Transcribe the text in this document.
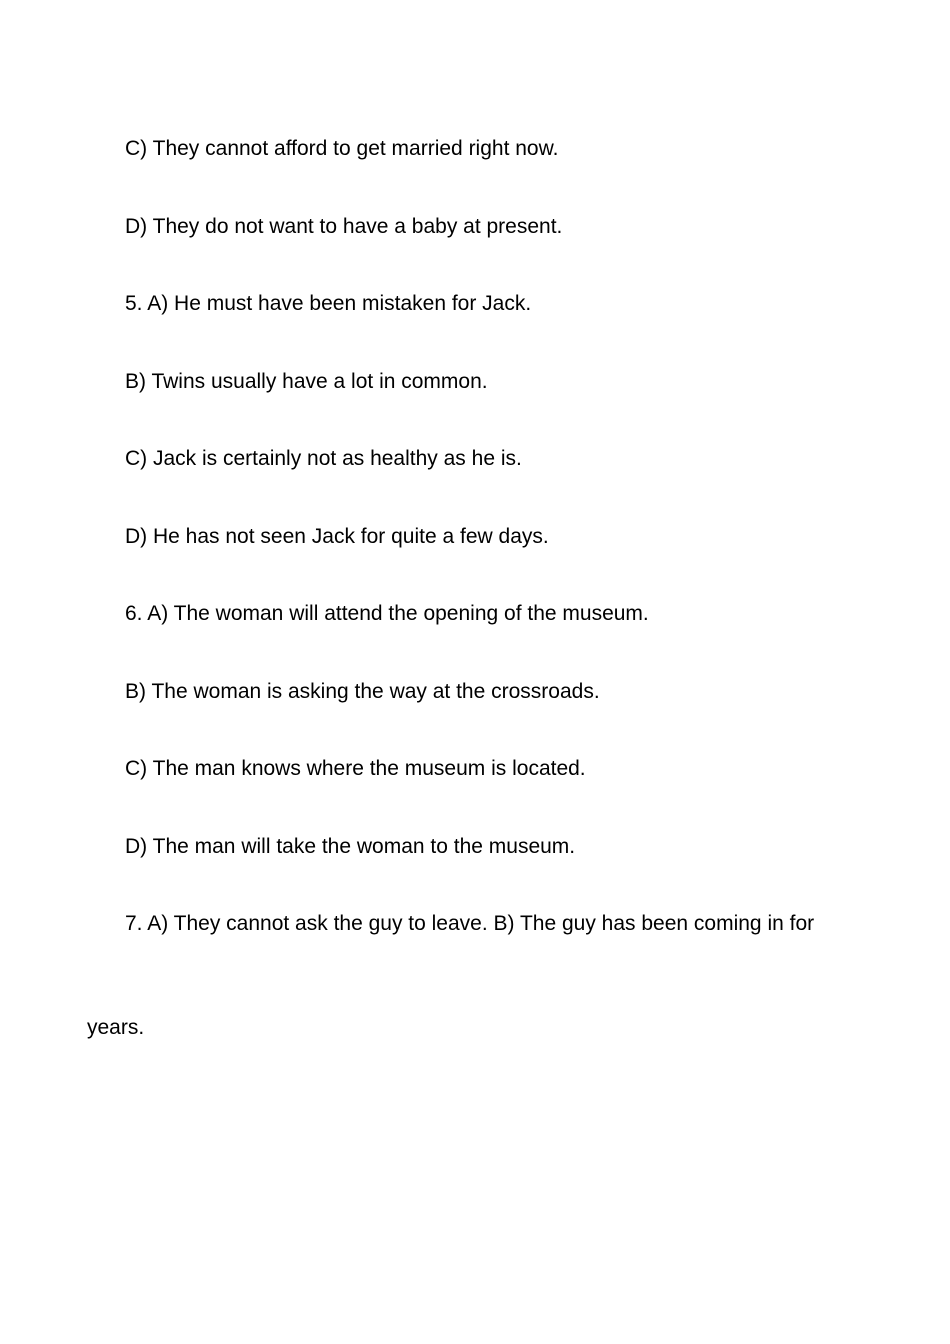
C) They cannot afford to get married right now.
D) They do not want to have a baby at present.
5. A) He must have been mistaken for Jack.
B) Twins usually have a lot in common.
C) Jack is certainly not as healthy as he is.
D) He has not seen Jack for quite a few days.
6. A) The woman will attend the opening of the museum.
B) The woman is asking the way at the crossroads.
C) The man knows where the museum is located.
D) The man will take the woman to the museum.
7. A) They cannot ask the guy to leave. B) The guy has been coming in for
years.
